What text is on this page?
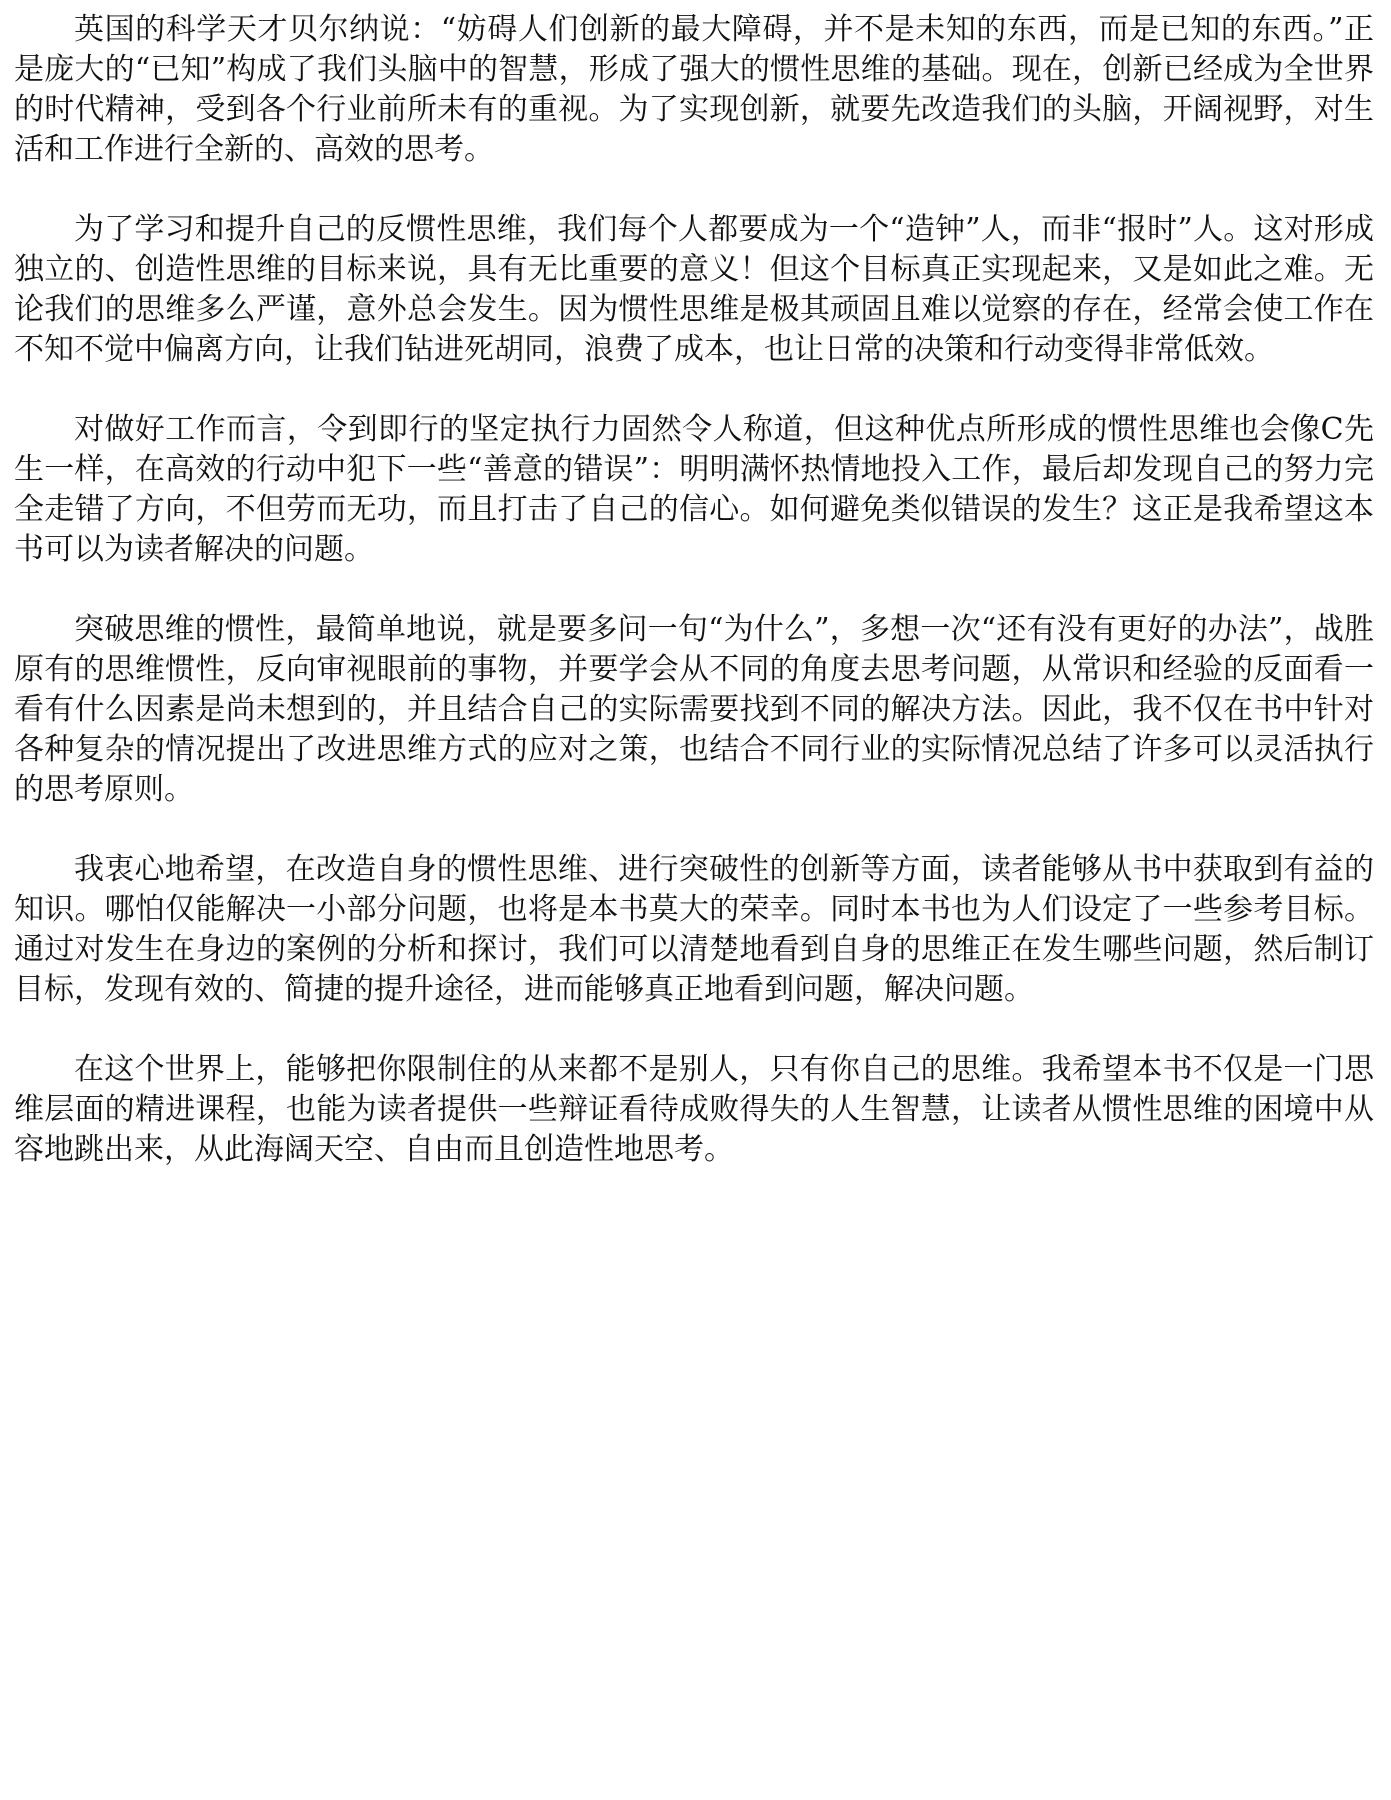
英国的科学天才贝尔纳说：“妨碍人们创新的最大障碍，并不是未知的东西，而是已知的东西。”正是庞大的“已知”构成了我们头脑中的智慧，形成了强大的惯性思维的基础。现在，创新已经成为全世界的时代精神，受到各个行业前所未有的重视。为了实现创新，就要先改造我们的头脑，开阔视野，对生活和工作进行全新的、高效的思考。

为了学习和提升自己的反惯性思维，我们每个人都要成为一个“造钟”人，而非“报时”人。这对形成独立的、创造性思维的目标来说，具有无比重要的意义！但这个目标真正实现起来，又是如此之难。无论我们的思维多么严谨，意外总会发生。因为惯性思维是极其顽固且难以觉察的存在，经常会使工作在不知不觉中偏离方向，让我们钻进死胡同，浪费了成本，也让日常的决策和行动变得非常低效。

对做好工作而言，令到即行的坚定执行力固然令人称道，但这种优点所形成的惯性思维也会像C先生一样，在高效的行动中犯下一些“善意的错误”：明明满怀热情地投入工作，最后却发现自己的努力完全走错了方向，不但劳而无功，而且打击了自己的信心。如何避免类似错误的发生？这正是我希望这本书可以为读者解决的问题。

突破思维的惯性，最简单地说，就是要多问一句“为什么”，多想一次“还有没有更好的办法”，战胜原有的思维惯性，反向审视眼前的事物，并要学会从不同的角度去思考问题，从常识和经验的反面看一看有什么因素是尚未想到的，并且结合自己的实际需要找到不同的解决方法。因此，我不仅在书中针对各种复杂的情况提出了改进思维方式的应对之策，也结合不同行业的实际情况总结了许多可以灵活执行的思考原则。

我衷心地希望，在改造自身的惯性思维、进行突破性的创新等方面，读者能够从书中获取到有益的知识。哪怕仅能解决一小部分问题，也将是本书莫大的荣幸。同时本书也为人们设定了一些参考目标。通过对发生在身边的案例的分析和探讨，我们可以清楚地看到自身的思维正在发生哪些问题，然后制订目标，发现有效的、简捷的提升途径，进而能够真正地看到问题，解决问题。

在这个世界上，能够把你限制住的从来都不是别人，只有你自己的思维。我希望本书不仅是一门思维层面的精进课程，也能为读者提供一些辩证看待成败得失的人生智慧，让读者从惯性思维的困境中从容地跳出来，从此海阔天空、自由而且创造性地思考。
